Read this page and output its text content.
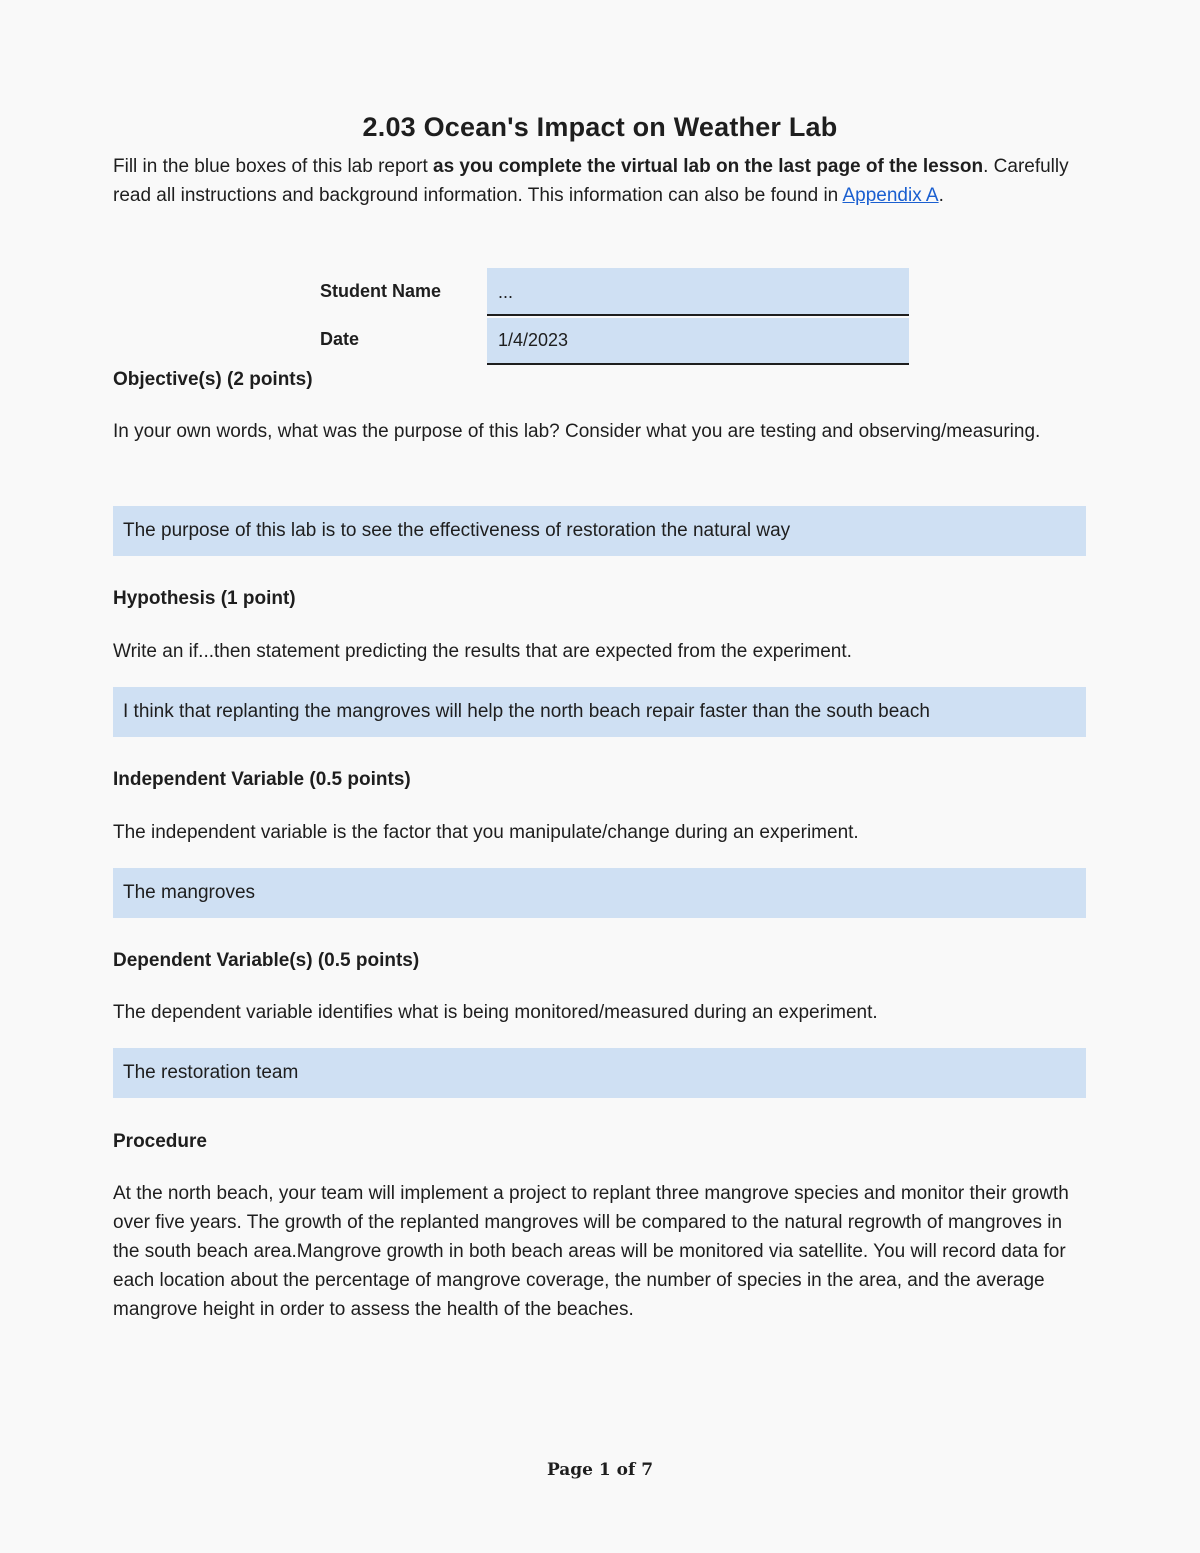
2.03 Ocean's Impact on Weather Lab

Fill in the blue boxes of this lab report as you complete the virtual lab on the last page of the lesson. Carefully read all instructions and background information. This information can also be found in Appendix A.

Student Name	...
Date	1/4/2023
Objective(s) (2 points)

In your own words, what was the purpose of this lab? Consider what you are testing and observing/measuring.

The purpose of this lab is to see the effectiveness of restoration the natural way
Hypothesis (1 point)

Write an if...then statement predicting the results that are expected from the experiment.

I think that replanting the mangroves will help the north beach repair faster than the south beach
Independent Variable (0.5 points)

The independent variable is the factor that you manipulate/change during an experiment.

The mangroves
Dependent Variable(s) (0.5 points)

The dependent variable identifies what is being monitored/measured during an experiment.

The restoration team
Procedure

At the north beach, your team will implement a project to replant three mangrove species and monitor their growth over five years. The growth of the replanted mangroves will be compared to the natural regrowth of mangroves in the south beach area.Mangrove growth in both beach areas will be monitored via satellite. You will record data for each location about the percentage of mangrove coverage, the number of species in the area, and the average mangrove height in order to assess the health of the beaches.

Page 1 of 7
